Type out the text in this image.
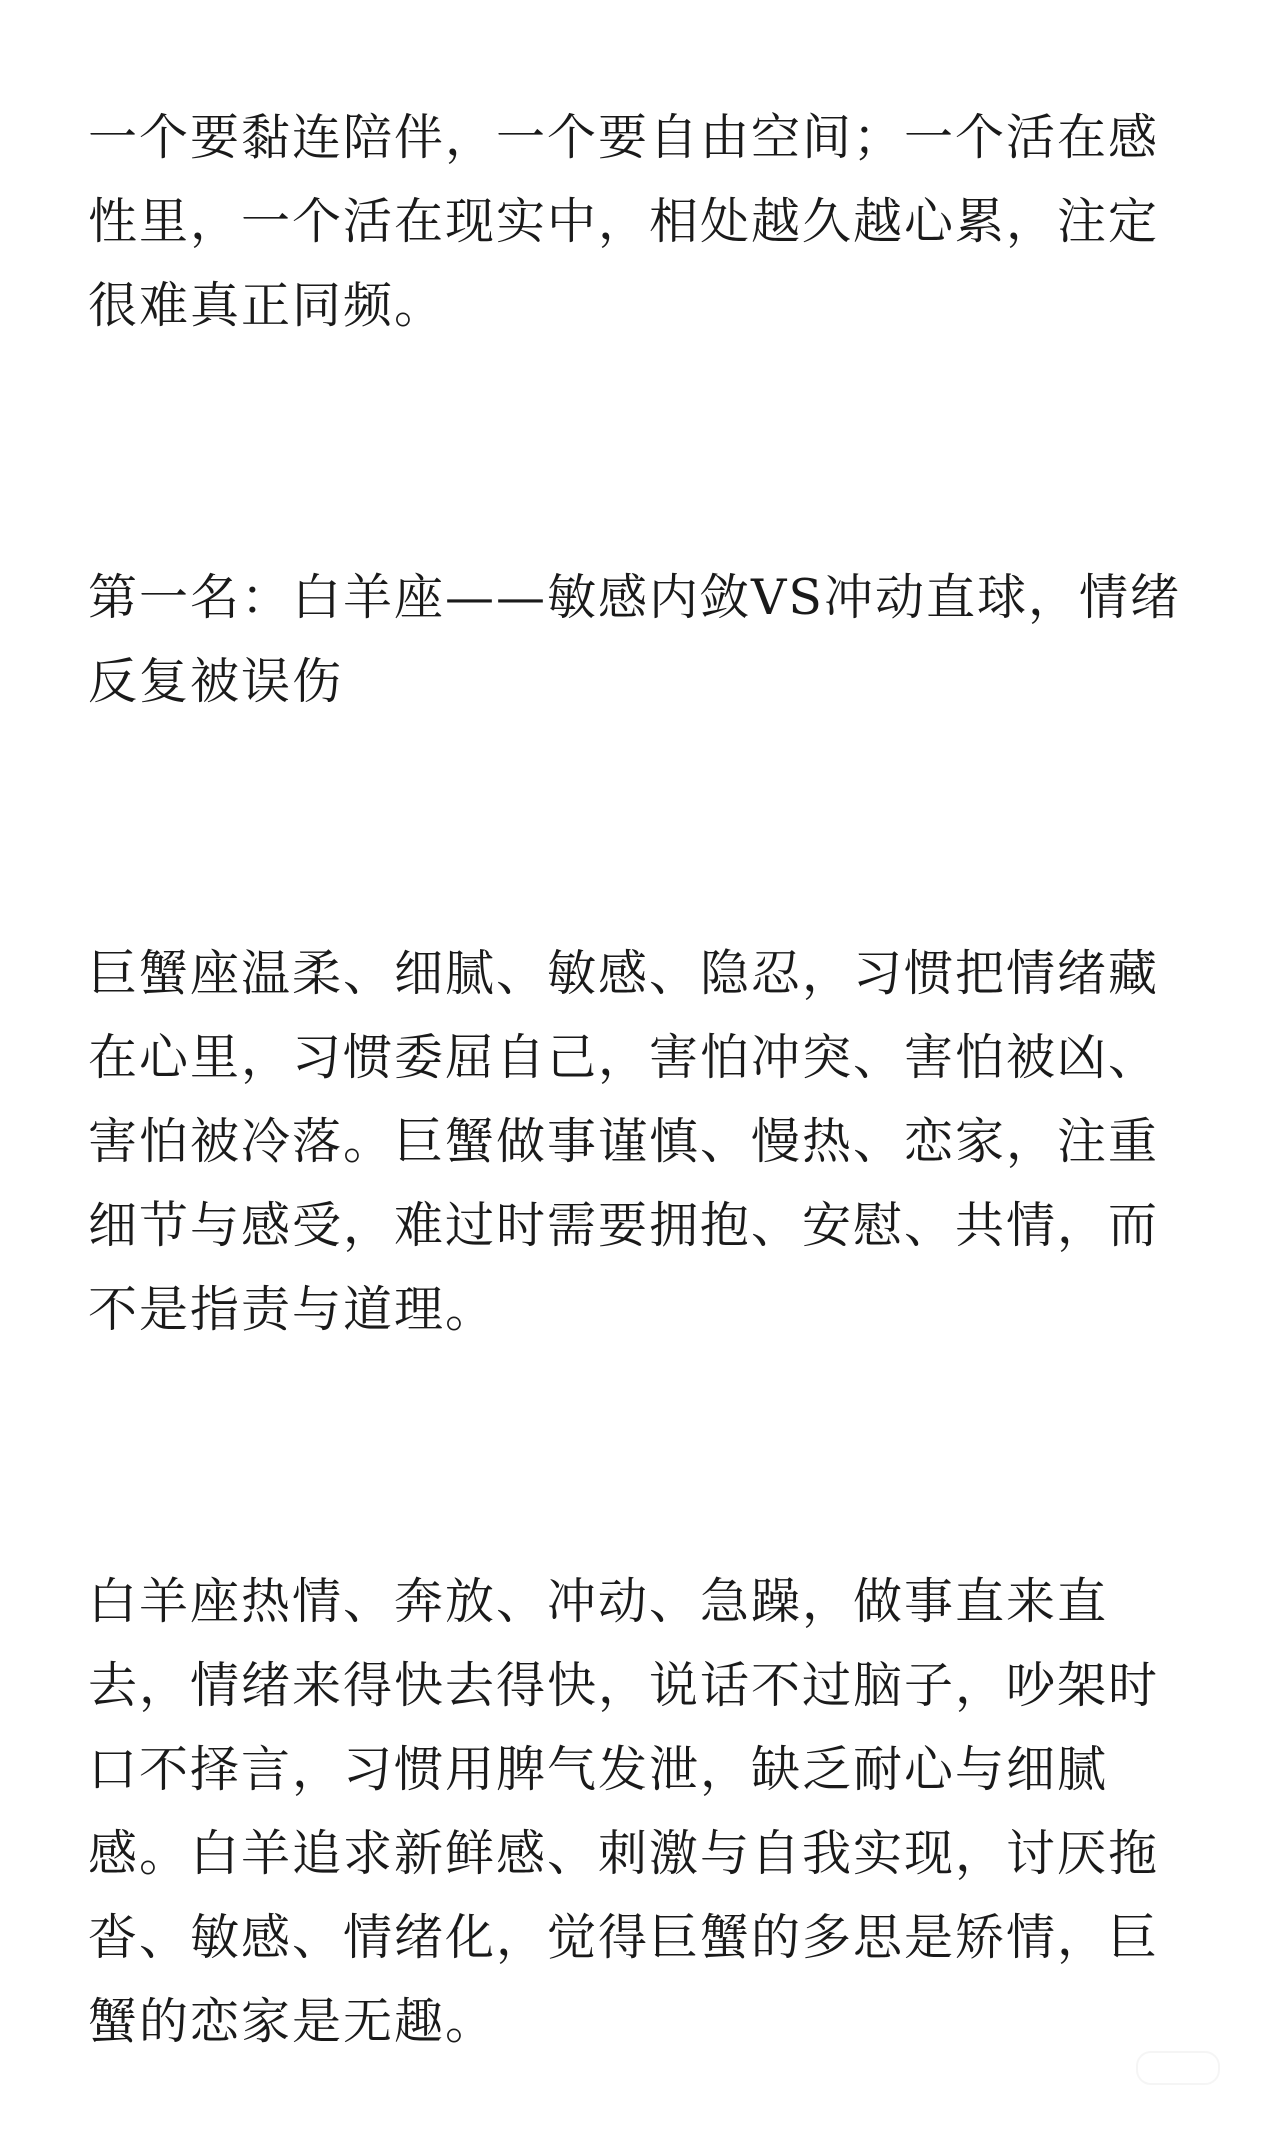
一个要黏连陪伴，一个要自由空间；一个活在感性里，一个活在现实中，相处越久越心累，注定很难真正同频。

第一名：白羊座——敏感内敛VS冲动直球，情绪反复被误伤

巨蟹座温柔、细腻、敏感、隐忍，习惯把情绪藏在心里，习惯委屈自己，害怕冲突、害怕被凶、害怕被冷落。巨蟹做事谨慎、慢热、恋家，注重细节与感受，难过时需要拥抱、安慰、共情，而不是指责与道理。

白羊座热情、奔放、冲动、急躁，做事直来直去，情绪来得快去得快，说话不过脑子，吵架时口不择言，习惯用脾气发泄，缺乏耐心与细腻感。白羊追求新鲜感、刺激与自我实现，讨厌拖沓、敏感、情绪化，觉得巨蟹的多思是矫情，巨蟹的恋家是无趣。
